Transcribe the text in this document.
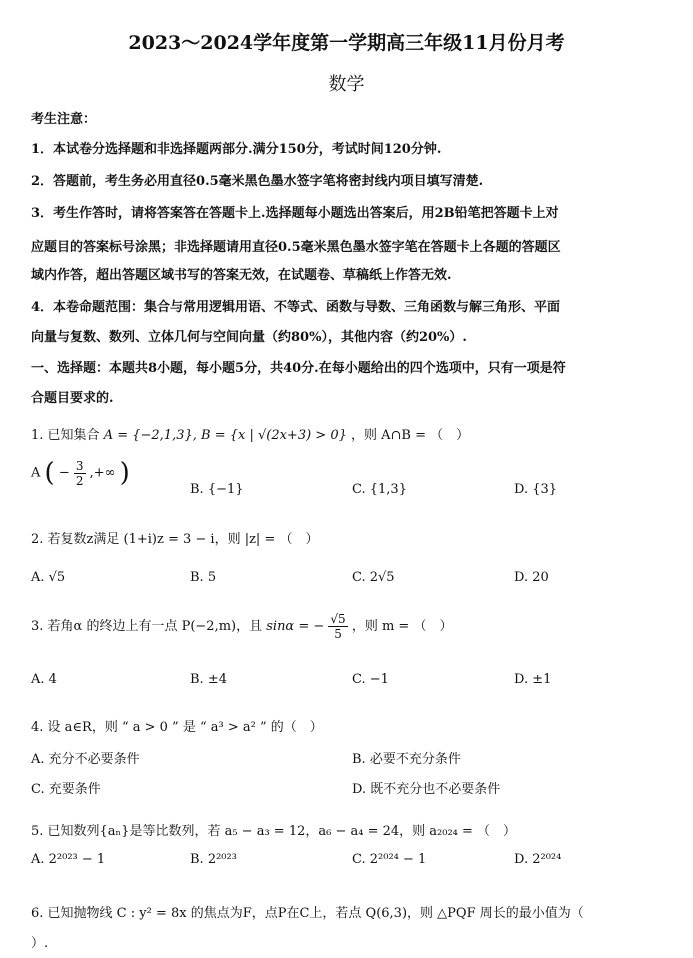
2023～2024学年度第一学期高三年级11月份月考
数学
考生注意：
1．本试卷分选择题和非选择题两部分.满分150分，考试时间120分钟.
2．答题前，考生务必用直径0.5毫米黑色墨水签字笔将密封线内项目填写清楚.
3．考生作答时，请将答案答在答题卡上.选择题每小题选出答案后，用2B铅笔把答题卡上对
应题目的答案标号涂黑；非选择题请用直径0.5毫米黑色墨水签字笔在答题卡上各题的答题区
域内作答，超出答题区域书写的答案无效，在试题卷、草稿纸上作答无效.
4．本卷命题范围：集合与常用逻辑用语、不等式、函数与导数、三角函数与解三角形、平面
向量与复数、数列、立体几何与空间向量（约80%），其他内容（约20%）.
一、选择题：本题共8小题，每小题5分，共40分.在每小题给出的四个选项中，只有一项是符
合题目要求的.
1. 已知集合 A = {−2,1,3}, B = {x | √(2x+3) > 0} ，则 A∩B = （　）
A ( − $\frac{3}{2}$ ,+∞ )
B. {−1}	C. {1,3}	D. {3}
2. 若复数z满足 (1+i)z = 3 − i，则 |z| = （　）
A. √5	B. 5	C. 2√5	D. 20
3. 若角α 的终边上有一点 P(−2,m)，且 sinα = − $\frac{√5}{5}$ ，则 m = （　）
A. 4	B. ±4	C. −1	D. ±1
4. 设 a∈R，则 “ a > 0 ” 是 “ a³ > a² ” 的（　）
A. 充分不必要条件	B. 必要不充分条件
C. 充要条件	D. 既不充分也不必要条件
5. 已知数列{aₙ}是等比数列，若 a₅ − a₃ = 12，a₆ − a₄ = 24，则 a₂₀₂₄ = （　）
A. 2²⁰²³ − 1	B. 2²⁰²³	C. 2²⁰²⁴ − 1	D. 2²⁰²⁴
6. 已知抛物线 C : y² = 8x 的焦点为F，点P在C上，若点 Q(6,3)，则 △PQF 周长的最小值为（
）.
